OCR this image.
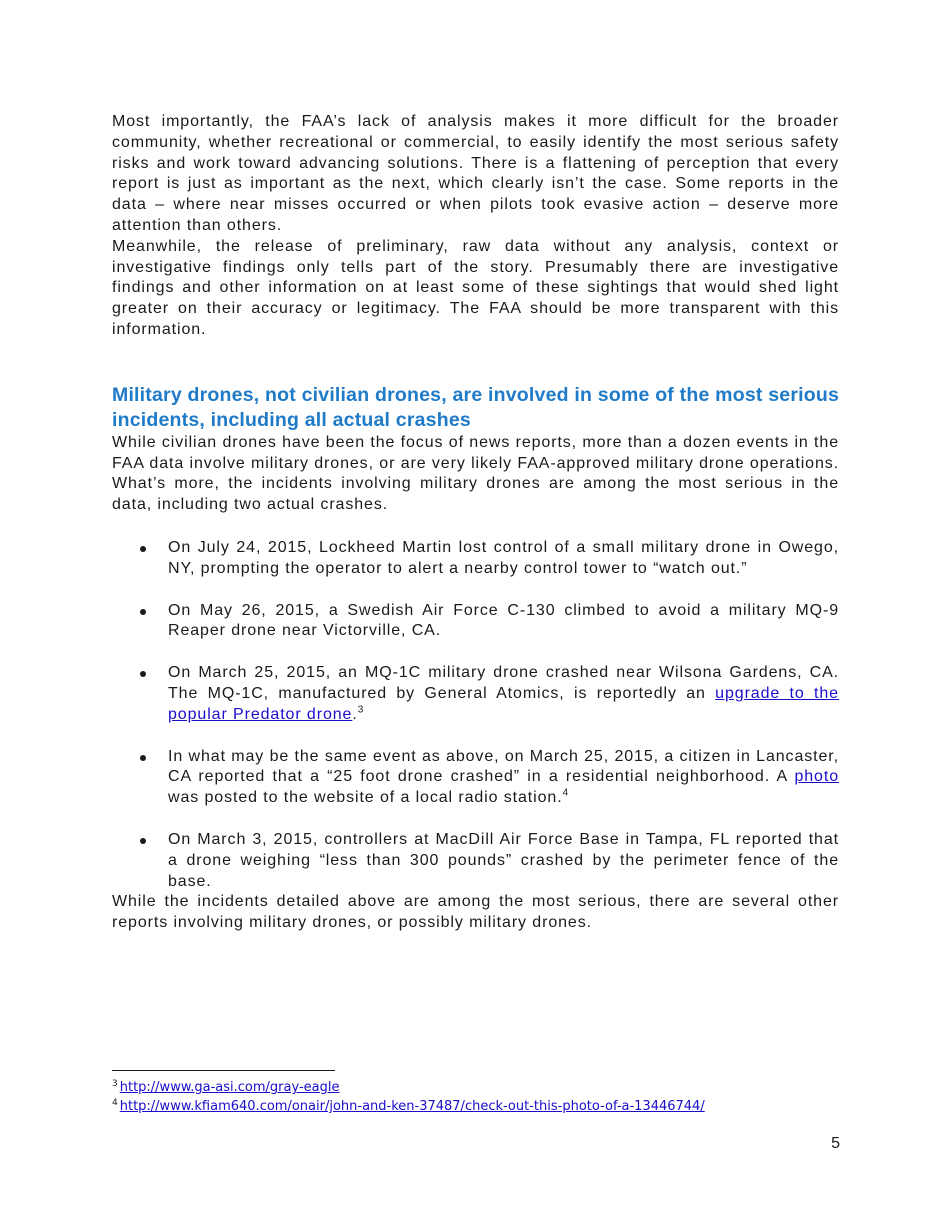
Most importantly, the FAA’s lack of analysis makes it more difficult for the broader community, whether recreational or commercial, to easily identify the most serious safety risks and work toward advancing solutions. There is a flattening of perception that every report is just as important as the next, which clearly isn’t the case. Some reports in the data – where near misses occurred or when pilots took evasive action – deserve more attention than others.

Meanwhile, the release of preliminary, raw data without any analysis, context or investigative findings only tells part of the story. Presumably there are investigative findings and other information on at least some of these sightings that would shed light greater on their accuracy or legitimacy. The FAA should be more transparent with this information.

Military drones, not civilian drones, are involved in some of the most serious incidents, including all actual crashes

While civilian drones have been the focus of news reports, more than a dozen events in the FAA data involve military drones, or are very likely FAA-approved military drone operations. What’s more, the incidents involving military drones are among the most serious in the data, including two actual crashes.

On July 24, 2015, Lockheed Martin lost control of a small military drone in Owego, NY, prompting the operator to alert a nearby control tower to “watch out.”
On May 26, 2015, a Swedish Air Force C-130 climbed to avoid a military MQ-9 Reaper drone near Victorville, CA.
On March 25, 2015, an MQ-1C military drone crashed near Wilsona Gardens, CA. The MQ-1C, manufactured by General Atomics, is reportedly an upgrade to the popular Predator drone.$^3$
In what may be the same event as above, on March 25, 2015, a citizen in Lancaster, CA reported that a “25 foot drone crashed” in a residential neighborhood. A photo was posted to the website of a local radio station.$^4$
On March 3, 2015, controllers at MacDill Air Force Base in Tampa, FL reported that a drone weighing “less than 300 pounds” crashed by the perimeter fence of the base.

While the incidents detailed above are among the most serious, there are several other reports involving military drones, or possibly military drones.

$^3$ http://www.ga-asi.com/gray-eagle
$^4$ http://www.kfiam640.com/onair/john-and-ken-37487/check-out-this-photo-of-a-13446744/
5
